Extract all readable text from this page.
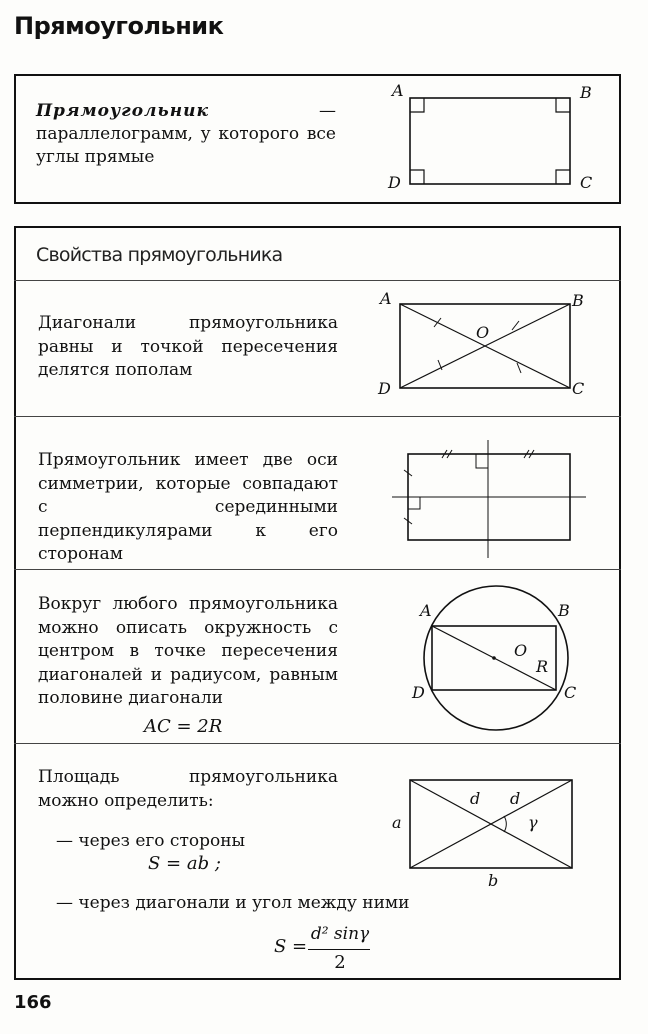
Прямоугольник
Прямоугольник — параллелограмм, у которого все углы прямые
A	B
C
D
Свойства прямоугольника
Диагонали прямоугольника равны и точкой пересечения делятся пополам
A	B
C
D
O
Прямоугольник имеет две оси симметрии, которые совпадают с серединными перпендикулярами к его сторонам
Вокруг любого прямоугольника можно описать окружность с центром в точке пересечения диагоналей и радиусом, равным половине диагонали
AC = 2R
A	B
C
D
O
R
Площадь прямоугольника можно определить:
— через его стороны
S = ab ;
— через диагонали и угол между ними
S =
d² sinγ
2
a
b
d d
γ
166
